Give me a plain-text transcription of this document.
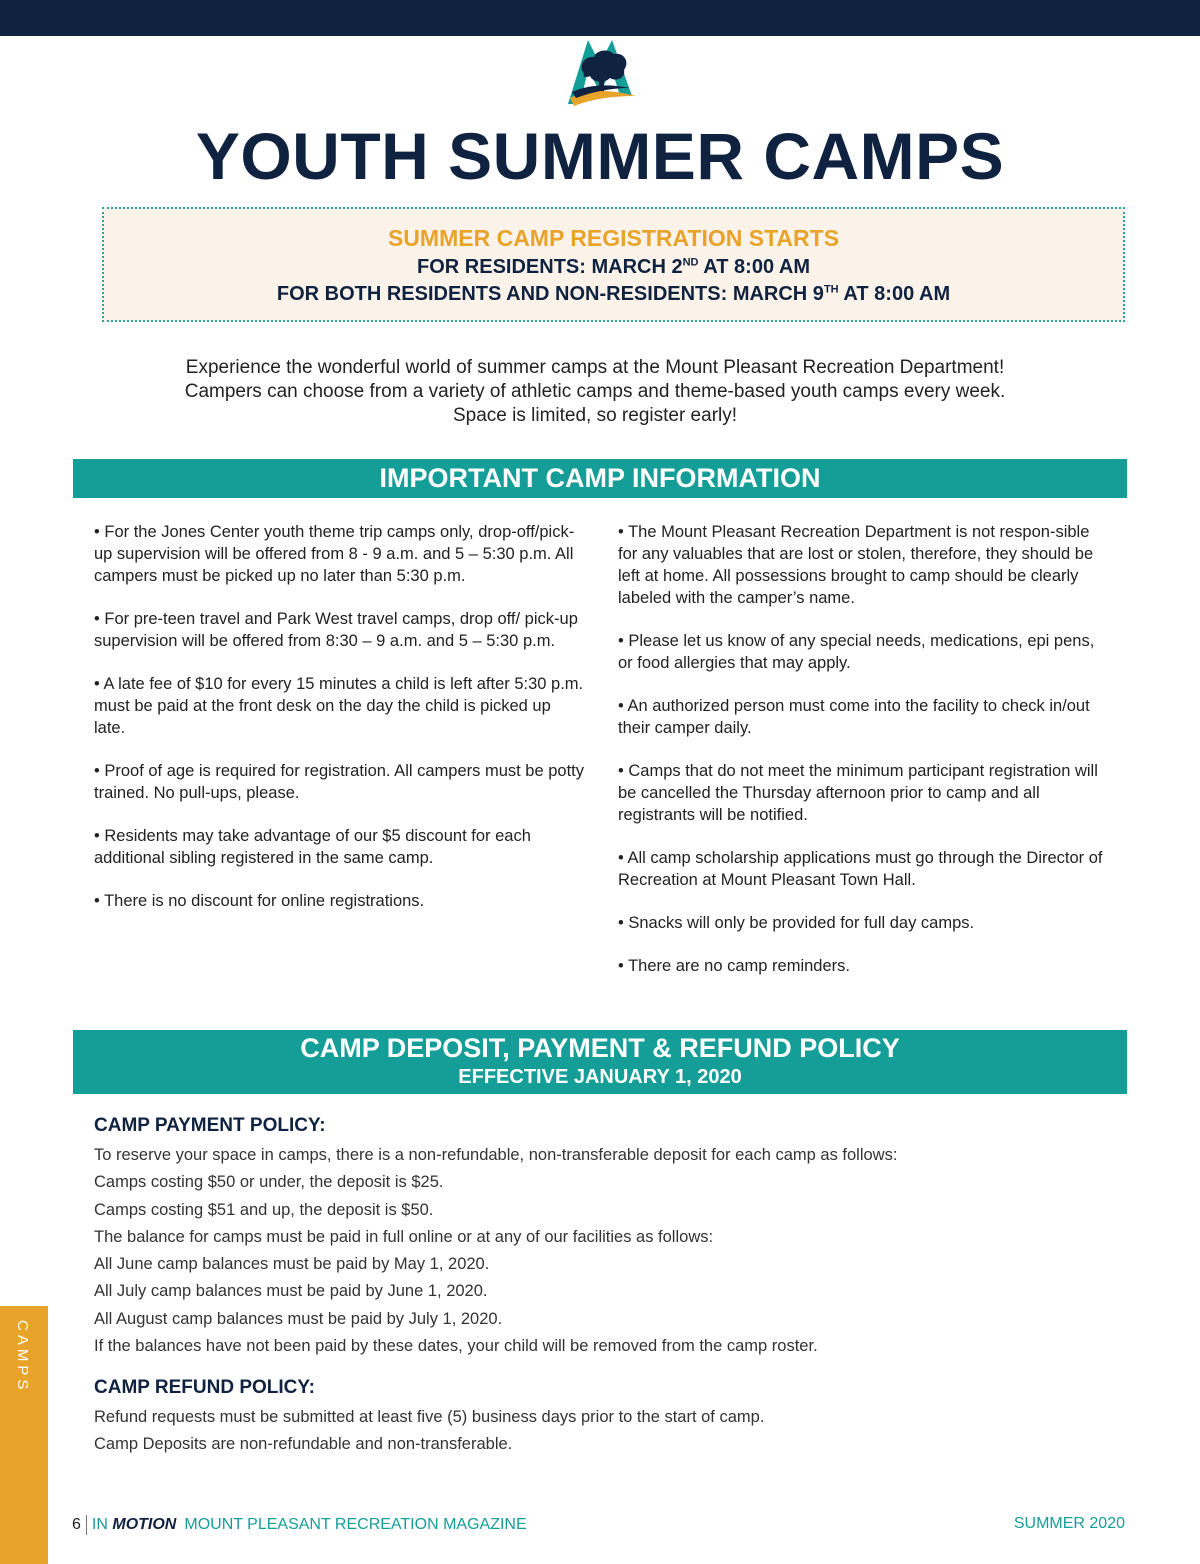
YOUTH SUMMER CAMPS
SUMMER CAMP REGISTRATION STARTS
FOR RESIDENTS: MARCH 2ND AT 8:00 AM
FOR BOTH RESIDENTS AND NON-RESIDENTS: MARCH 9TH AT 8:00 AM

Experience the wonderful world of summer camps at the Mount Pleasant Recreation Department! Campers can choose from a variety of athletic camps and theme-based youth camps every week. Space is limited, so register early!

IMPORTANT CAMP INFORMATION

• For the Jones Center youth theme trip camps only, drop-off/pick-up supervision will be offered from 8 - 9 a.m. and 5 – 5:30 p.m. All campers must be picked up no later than 5:30 p.m.

• For pre-teen travel and Park West travel camps, drop off/ pick-up supervision will be offered from 8:30 – 9 a.m. and 5 – 5:30 p.m.

• A late fee of $10 for every 15 minutes a child is left after 5:30 p.m. must be paid at the front desk on the day the child is picked up late.

• Proof of age is required for registration. All campers must be potty trained. No pull-ups, please.

• Residents may take advantage of our $5 discount for each additional sibling registered in the same camp.

• There is no discount for online registrations.

• The Mount Pleasant Recreation Department is not respon-sible for any valuables that are lost or stolen, therefore, they should be left at home. All possessions brought to camp should be clearly labeled with the camper’s name.

• Please let us know of any special needs, medications, epi pens, or food allergies that may apply.

• An authorized person must come into the facility to check in/out their camper daily.

• Camps that do not meet the minimum participant registration will be cancelled the Thursday afternoon prior to camp and all registrants will be notified.

• All camp scholarship applications must go through the Director of Recreation at Mount Pleasant Town Hall.

• Snacks will only be provided for full day camps.

• There are no camp reminders.

CAMP DEPOSIT, PAYMENT & REFUND POLICY
EFFECTIVE JANUARY 1, 2020
CAMP PAYMENT POLICY:
To reserve your space in camps, there is a non-refundable, non-transferable deposit for each camp as follows:
Camps costing $50 or under, the deposit is $25.
Camps costing $51 and up, the deposit is $50.
The balance for camps must be paid in full online or at any of our facilities as follows:
All June camp balances must be paid by May 1, 2020.
All July camp balances must be paid by June 1, 2020.
All August camp balances must be paid by July 1, 2020.
If the balances have not been paid by these dates, your child will be removed from the camp roster.
CAMP REFUND POLICY:
Refund requests must be submitted at least five (5) business days prior to the start of camp.
Camp Deposits are non-refundable and non-transferable.
CAMPS
6 IN MOTION MOUNT PLEASANT RECREATION MAGAZINE	SUMMER 2020
